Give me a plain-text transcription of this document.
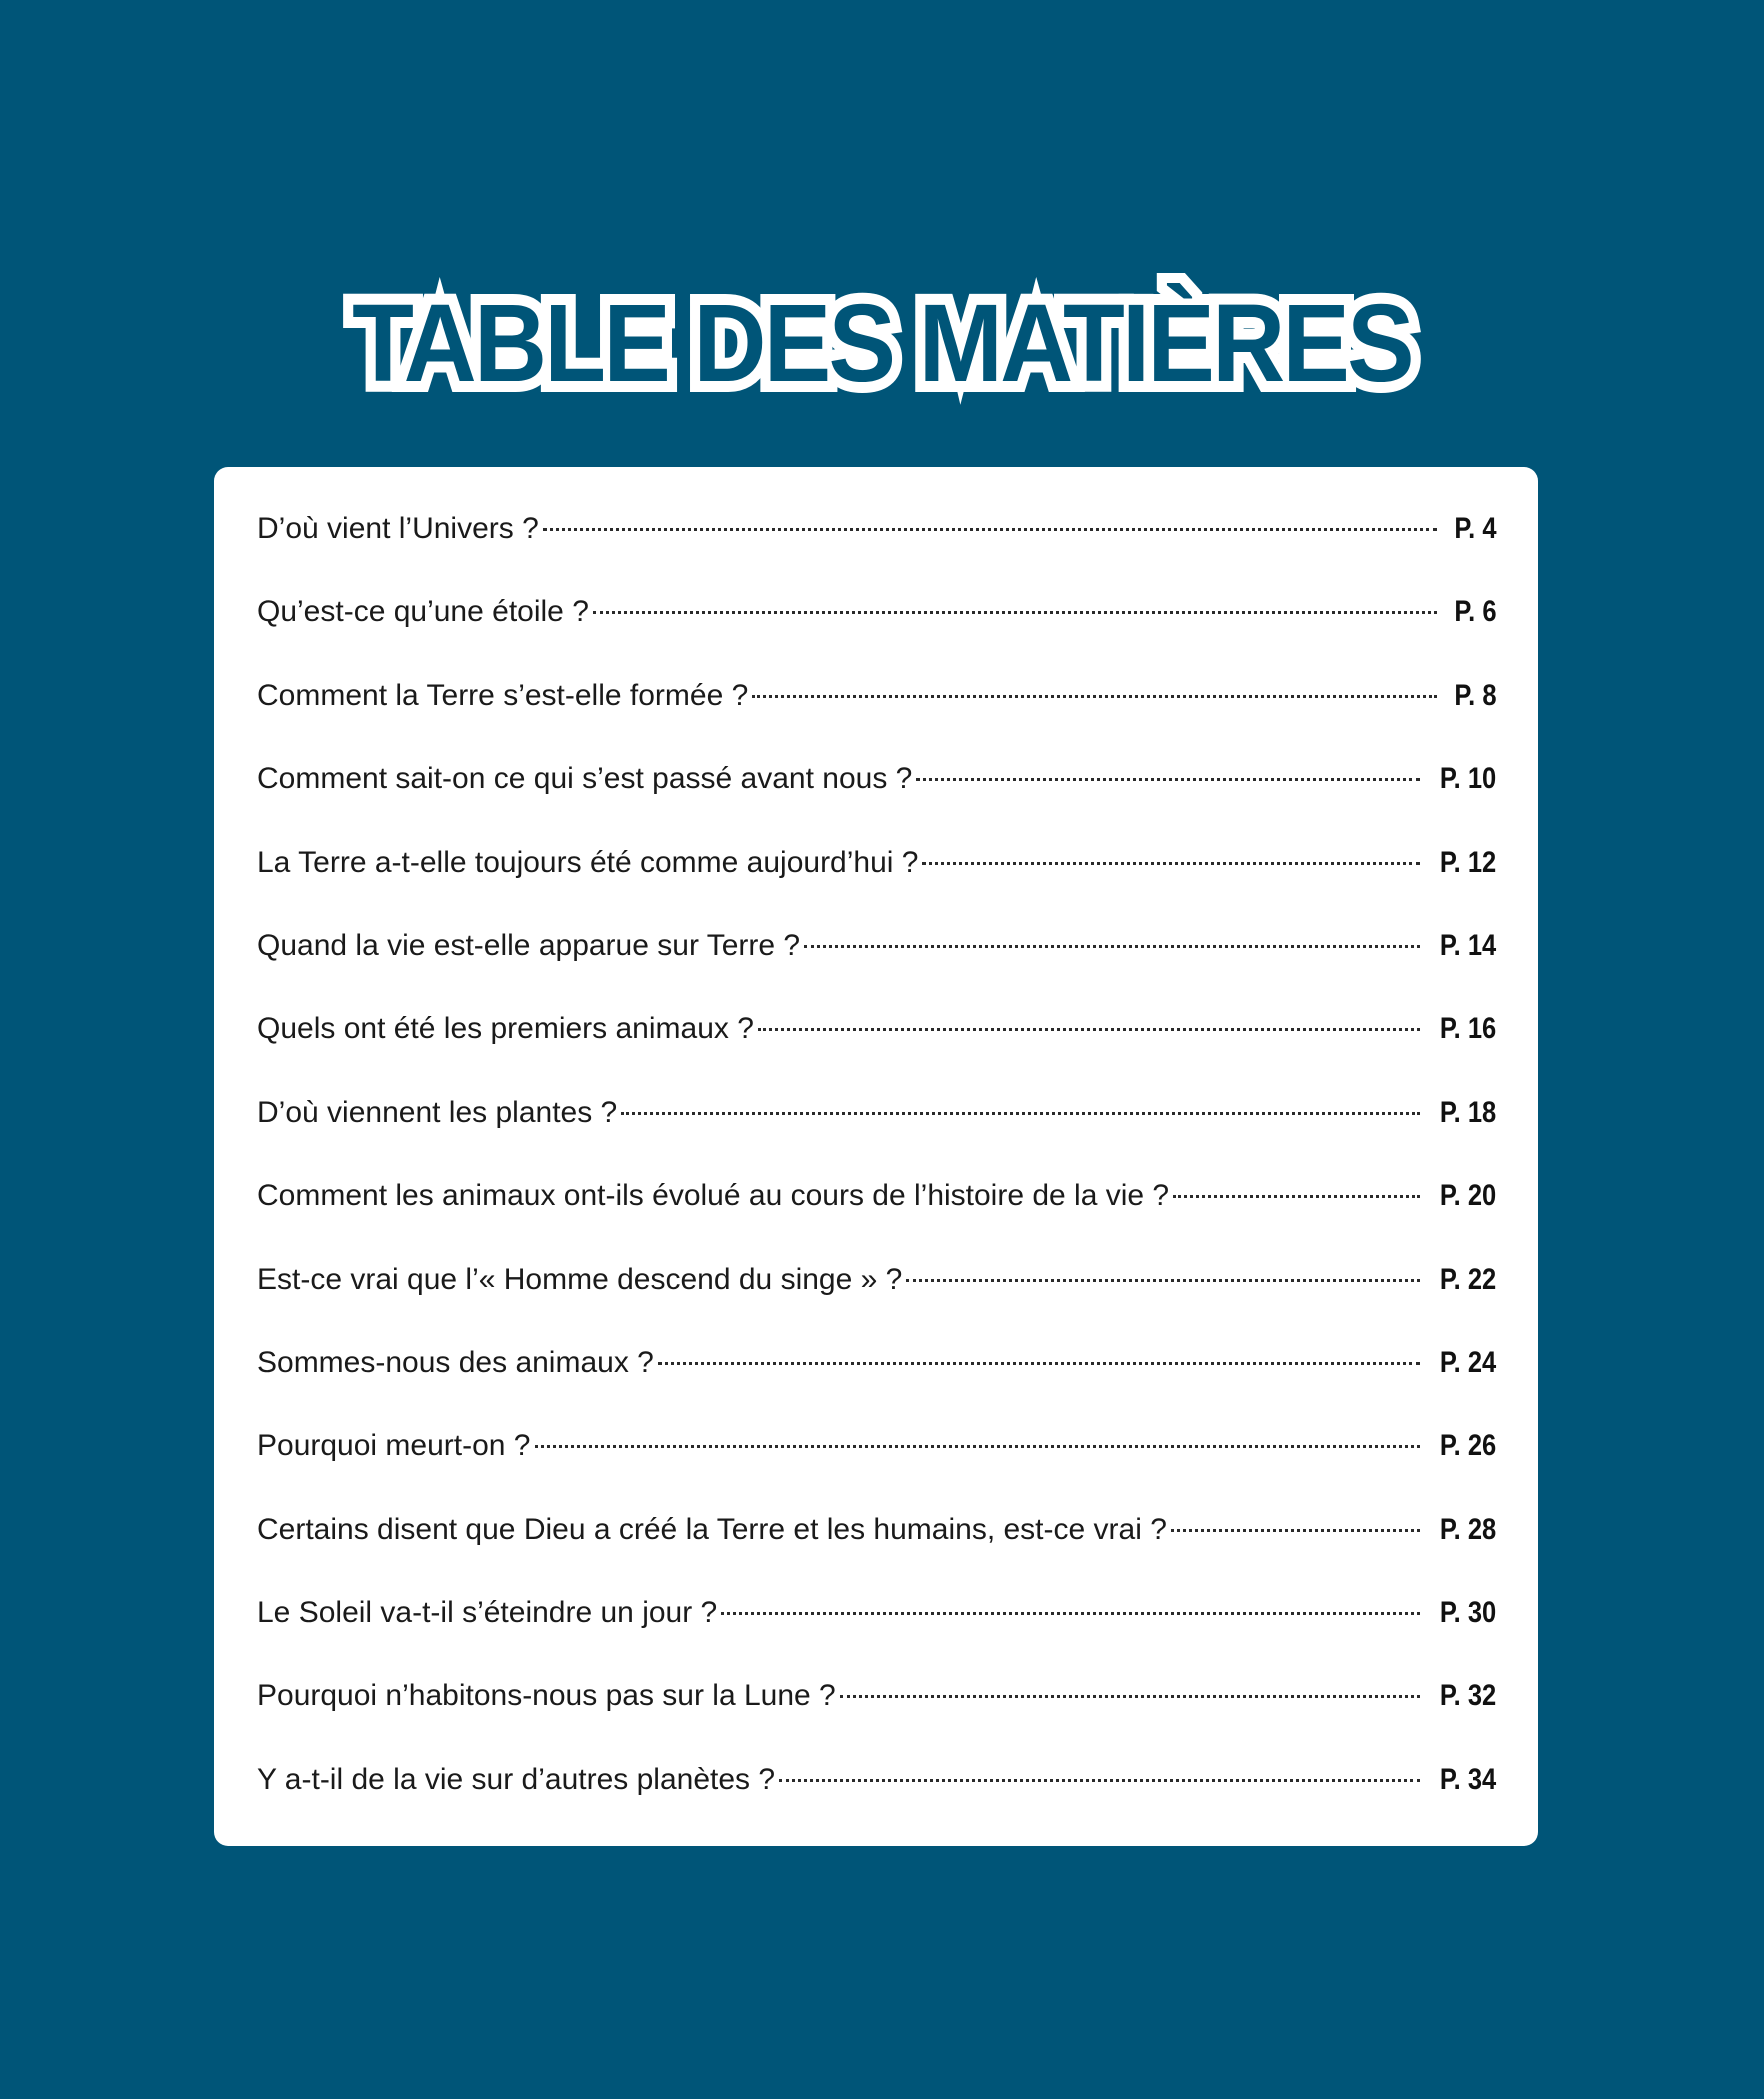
TABLE DES MATIÈRES
D’où vient l’Univers ?	P. 4
Qu’est-ce qu’une étoile ?	P. 6
Comment la Terre s’est-elle formée ?	P. 8
Comment sait-on ce qui s’est passé avant nous ?	P. 10
La Terre a-t-elle toujours été comme aujourd’hui ?	P. 12
Quand la vie est-elle apparue sur Terre ?	P. 14
Quels ont été les premiers animaux ?	P. 16
D’où viennent les plantes ?	P. 18
Comment les animaux ont-ils évolué au cours de l’histoire de la vie ?	P. 20
Est-ce vrai que l’« Homme descend du singe » ?	P. 22
Sommes-nous des animaux ?	P. 24
Pourquoi meurt-on ?	P. 26
Certains disent que Dieu a créé la Terre et les humains, est-ce vrai ?	P. 28
Le Soleil va-t-il s’éteindre un jour ?	P. 30
Pourquoi n’habitons-nous pas sur la Lune ?	P. 32
Y a-t-il de la vie sur d’autres planètes ?	P. 34
